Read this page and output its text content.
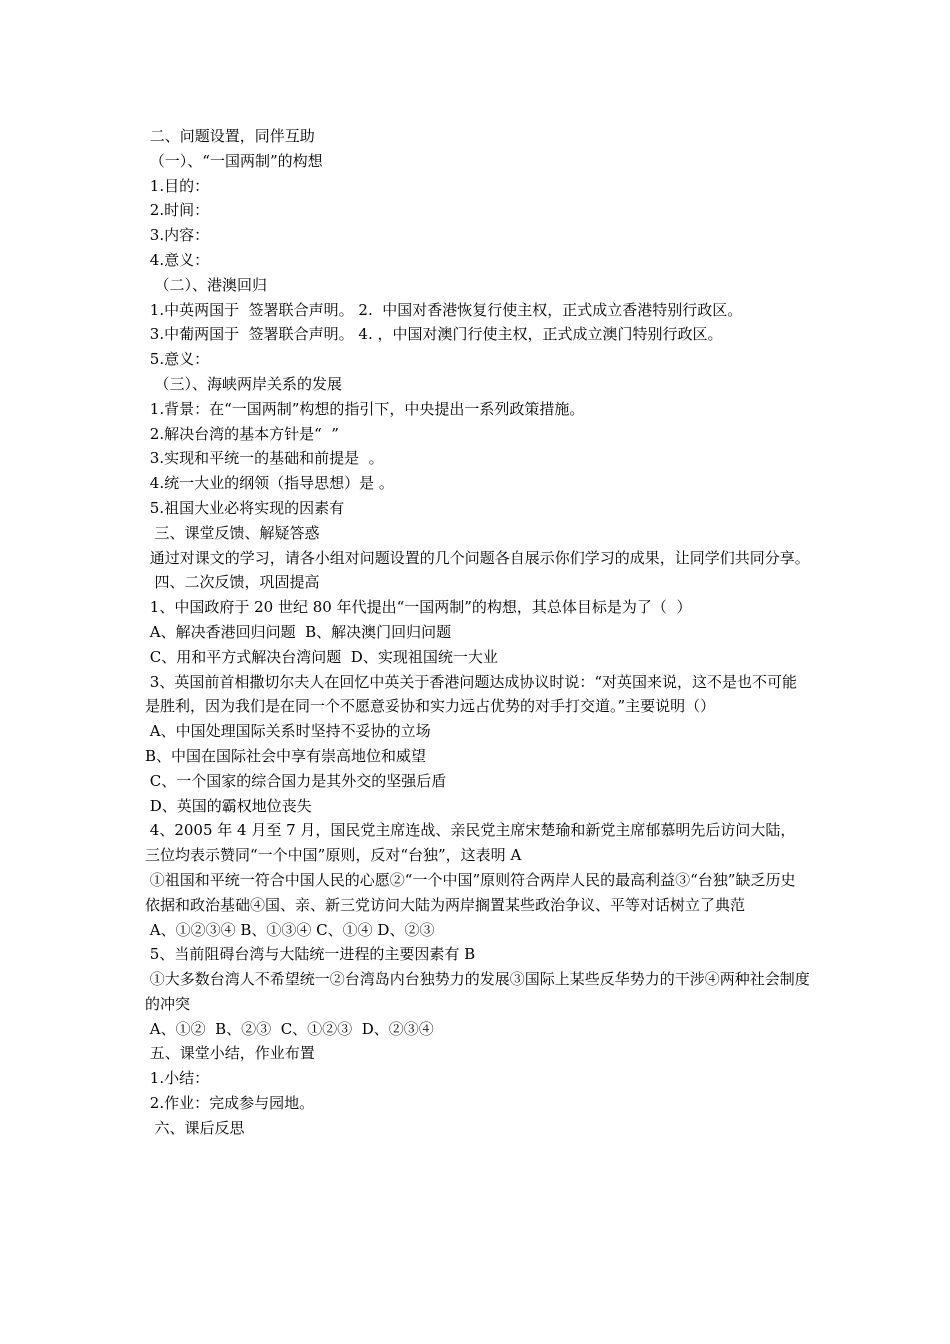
二、问题设置，同伴互助
（一）、“一国两制”的构想
1.目的：
2.时间：
3.内容：
4.意义：
（二）、港澳回归
1.中英两国于  签署联合声明。 2.  中国对香港恢复行使主权，正式成立香港特别行政区。
3.中葡两国于  签署联合声明。 4. ，中国对澳门行使主权，正式成立澳门特别行政区。
5.意义：
（三）、海峡两岸关系的发展
1.背景：在“一国两制”构想的指引下，中央提出一系列政策措施。
2.解决台湾的基本方针是“  ”
3.实现和平统一的基础和前提是  。
4.统一大业的纲领（指导思想）是 。
5.祖国大业必将实现的因素有
三、课堂反馈、解疑答惑
通过对课文的学习，请各小组对问题设置的几个问题各自展示你们学习的成果，让同学们共同分享。
四、二次反馈，巩固提高
1、中国政府于 20 世纪 80 年代提出“一国两制”的构想，其总体目标是为了（  ）
A、解决香港回归问题  B、解决澳门回归问题
C、用和平方式解决台湾问题  D、实现祖国统一大业
3、英国前首相撒切尔夫人在回忆中英关于香港问题达成协议时说：“对英国来说，这不是也不可能是胜利，因为我们是在同一个不愿意妥协和实力远占优势的对手打交道。”主要说明（）
A、中国处理国际关系时坚持不妥协的立场
B、中国在国际社会中享有崇高地位和威望
C、一个国家的综合国力是其外交的坚强后盾
D、英国的霸权地位丧失
4、2005 年 4 月至 7 月，国民党主席连战、亲民党主席宋楚瑜和新党主席郁慕明先后访问大陆，三位均表示赞同“一个中国”原则，反对“台独”，这表明 A
①祖国和平统一符合中国人民的心愿②“一个中国”原则符合两岸人民的最高利益③“台独”缺乏历史依据和政治基础④国、亲、新三党访问大陆为两岸搁置某些政治争议、平等对话树立了典范
A、①②③④ B、①③④ C、①④ D、②③
5、当前阻碍台湾与大陆统一进程的主要因素有 B
①大多数台湾人不希望统一②台湾岛内台独势力的发展③国际上某些反华势力的干涉④两种社会制度的冲突
A、①②  B、②③  C、①②③  D、②③④
五、课堂小结，作业布置
1.小结：
2.作业：完成参与园地。
六、课后反思
